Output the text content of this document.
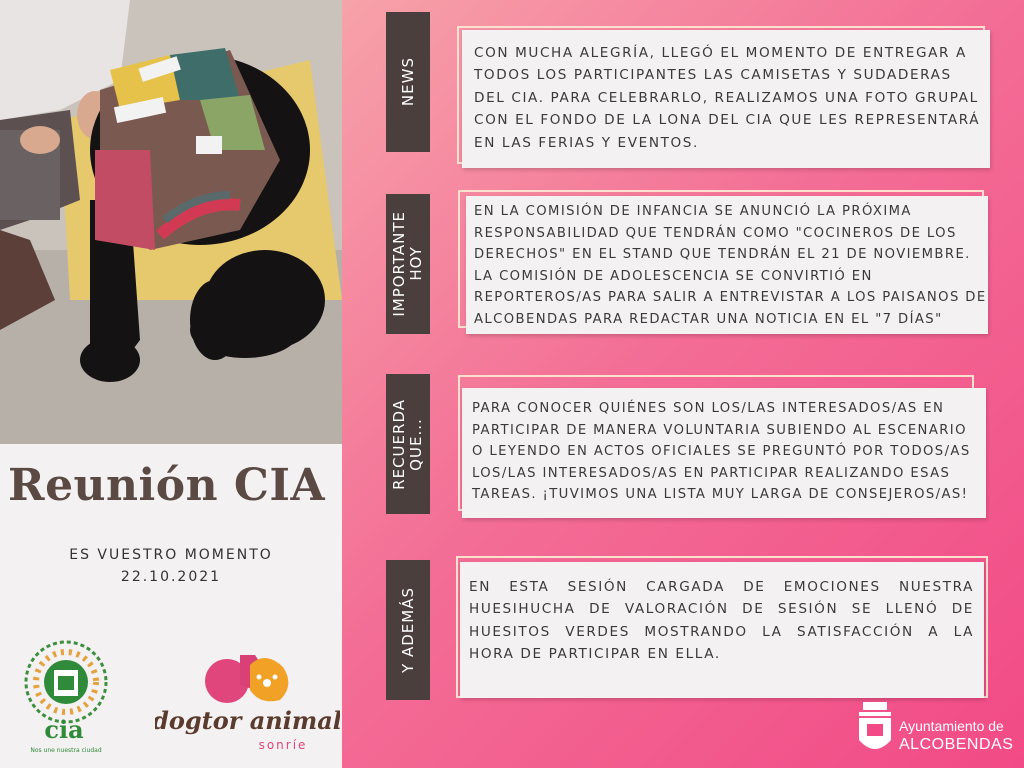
Reunión CIA
ES VUESTRO MOMENTO
22.10.2021
cia
Nos une nuestra ciudad
dogtor animal
sonríe
NEWS

CON MUCHA ALEGRÍA, LLEGÓ EL MOMENTO DE ENTREGAR A TODOS LOS PARTICIPANTES LAS CAMISETAS Y SUDADERAS DEL CIA. PARA CELEBRARLO, REALIZAMOS UNA FOTO GRUPAL CON EL FONDO DE LA LONA DEL CIA QUE LES REPRESENTARÁ EN LAS FERIAS Y EVENTOS.

IMPORTANTE
HOY

EN LA COMISIÓN DE INFANCIA SE ANUNCIÓ LA PRÓXIMA RESPONSABILIDAD QUE TENDRÁN COMO "COCINEROS DE LOS DERECHOS" EN EL STAND QUE TENDRÁN EL 21 DE NOVIEMBRE. LA COMISIÓN DE ADOLESCENCIA SE CONVIRTIÓ EN REPORTEROS/AS PARA SALIR A ENTREVISTAR A LOS PAISANOS DE ALCOBENDAS PARA REDACTAR UNA NOTICIA EN EL "7 DÍAS"

RECUERDA
QUE...

PARA CONOCER QUIÉNES SON LOS/LAS INTERESADOS/AS EN PARTICIPAR DE MANERA VOLUNTARIA SUBIENDO AL ESCENARIO O LEYENDO EN ACTOS OFICIALES SE PREGUNTÓ POR TODOS/AS LOS/LAS INTERESADOS/AS EN PARTICIPAR REALIZANDO ESAS TAREAS. ¡TUVIMOS UNA LISTA MUY LARGA DE CONSEJEROS/AS!

Y ADEMÁS

EN ESTA SESIÓN CARGADA DE EMOCIONES NUESTRA HUESIHUCHA DE VALORACIÓN DE SESIÓN SE LLENÓ DE HUESITOS VERDES MOSTRANDO LA SATISFACCIÓN A LA HORA DE PARTICIPAR EN ELLA.

Ayuntamiento de
ALCOBENDAS
